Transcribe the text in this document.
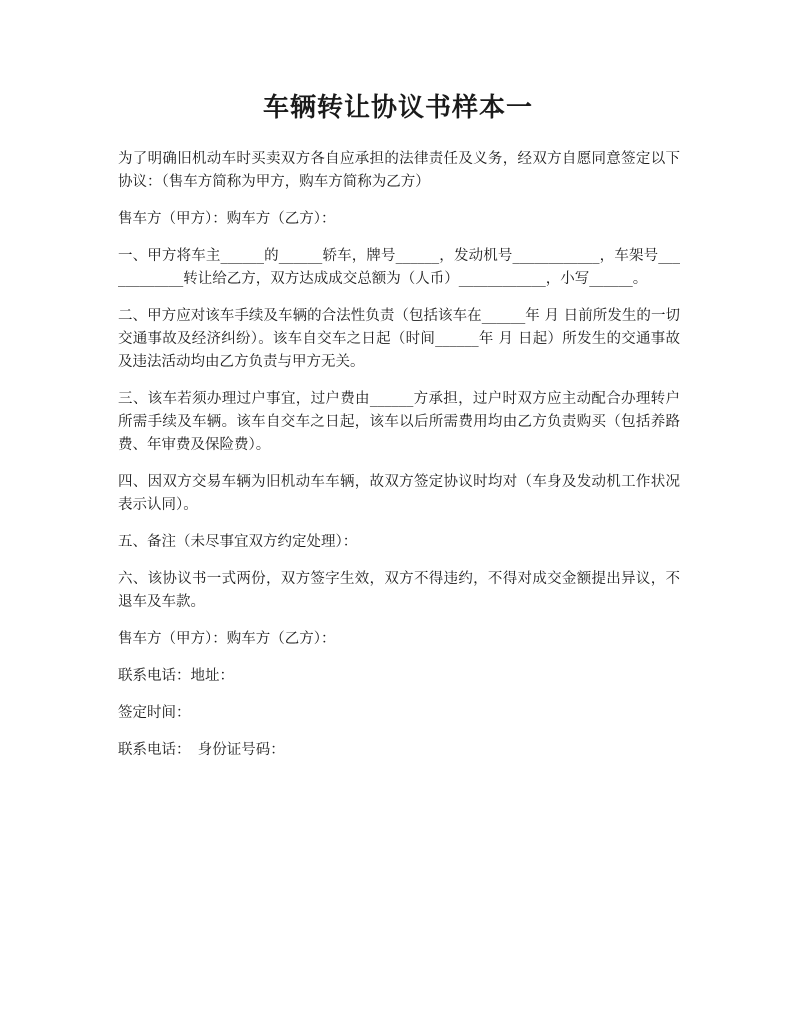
车辆转让协议书样本一

为了明确旧机动车时买卖双方各自应承担的法律责任及义务，经双方自愿同意签定以下协议：（售车方简称为甲方，购车方简称为乙方）

售车方（甲方）：购车方（乙方）：

一、甲方将车主______的______轿车，牌号______，发动机号____________，车架号____________转让给乙方，双方达成成交总额为（人币）____________，小写______。

二、甲方应对该车手续及车辆的合法性负责（包括该车在______年 月 日前所发生的一切交通事故及经济纠纷）。该车自交车之日起（时间______年 月 日起）所发生的交通事故及违法活动均由乙方负责与甲方无关。

三、该车若须办理过户事宜，过户费由______方承担，过户时双方应主动配合办理转户所需手续及车辆。该车自交车之日起，该车以后所需费用均由乙方负责购买（包括养路费、年审费及保险费）。

四、因双方交易车辆为旧机动车车辆，故双方签定协议时均对（车身及发动机工作状况表示认同）。

五、备注（未尽事宜双方约定处理）：

六、该协议书一式两份，双方签字生效，双方不得违约，不得对成交金额提出异议，不退车及车款。

售车方（甲方）：购车方（乙方）：

联系电话：地址：

签定时间：

联系电话：　身份证号码：
